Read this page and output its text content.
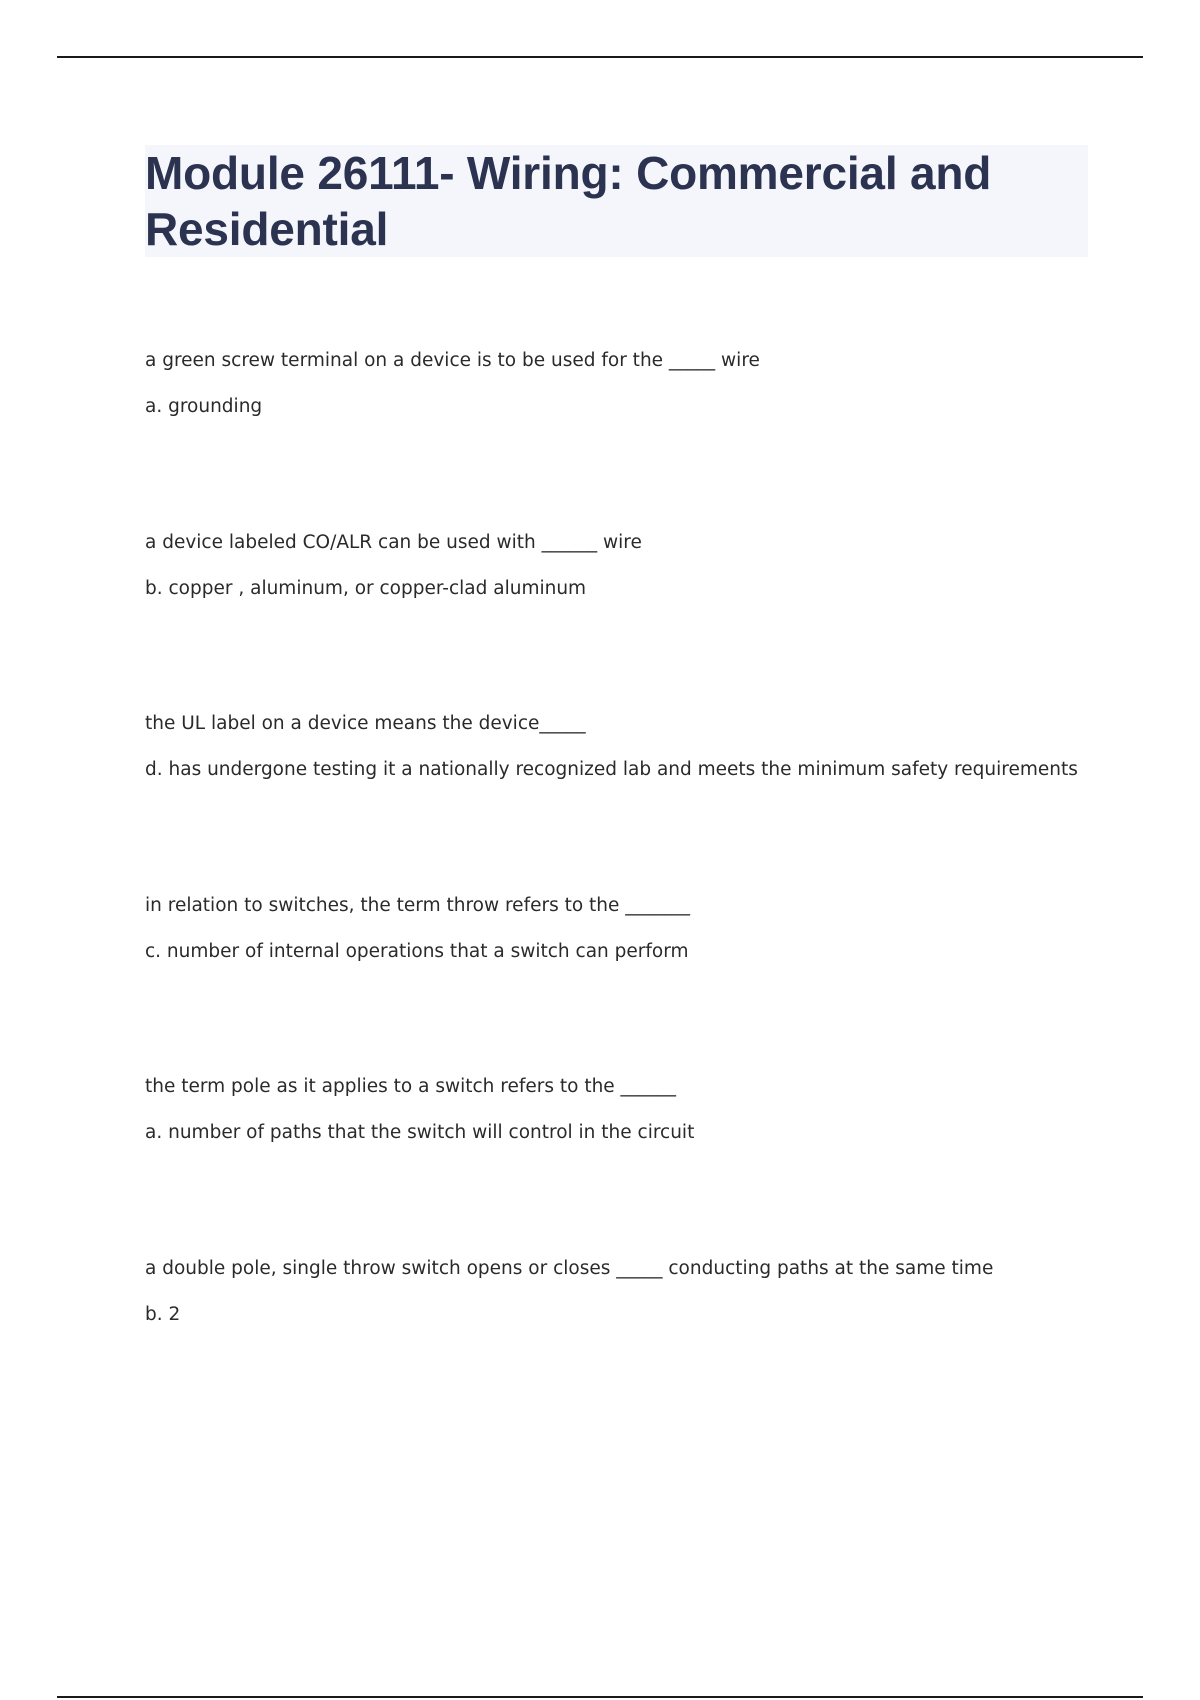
Module 26111- Wiring: Commercial and Residential

a green screw terminal on a device is to be used for the _____ wire

a. grounding

a device labeled CO/ALR can be used with ______ wire

b. copper , aluminum, or copper-clad aluminum

the UL label on a device means the device_____

d. has undergone testing it a nationally recognized lab and meets the minimum safety requirements

in relation to switches, the term throw refers to the _______

c. number of internal operations that a switch can perform

the term pole as it applies to a switch refers to the ______

a. number of paths that the switch will control in the circuit

a double pole, single throw switch opens or closes _____ conducting paths at the same time

b. 2
